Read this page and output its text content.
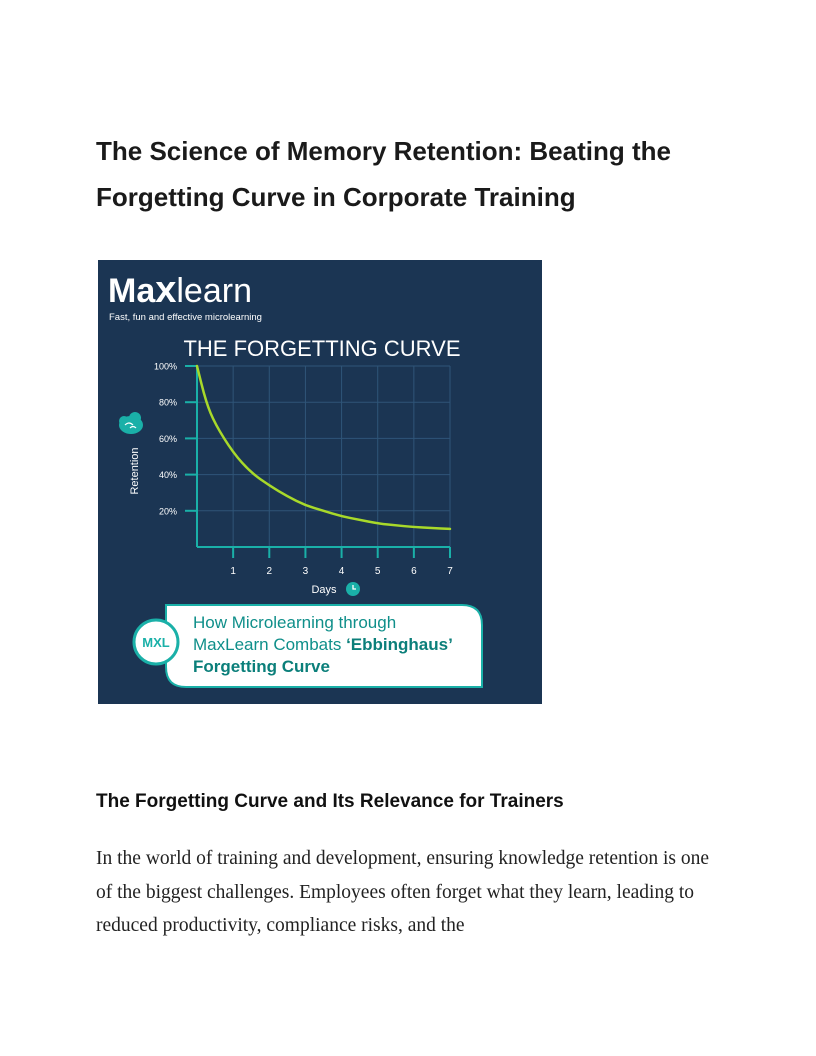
The Science of Memory Retention: Beating the Forgetting Curve in Corporate Training
Maxlearn
Fast, fun and effective microlearning
THE FORGETTING CURVE
Retention
100%
80%
60%
40%
20%
1	2	3	4	5	6	7
Days
MXL
How Microlearning through
MaxLearn Combats ‘Ebbinghaus’
Forgetting Curve
The Forgetting Curve and Its Relevance for Trainers

In the world of training and development, ensuring knowledge retention is one of the biggest challenges. Employees often forget what they learn, leading to reduced productivity, compliance risks, and the
